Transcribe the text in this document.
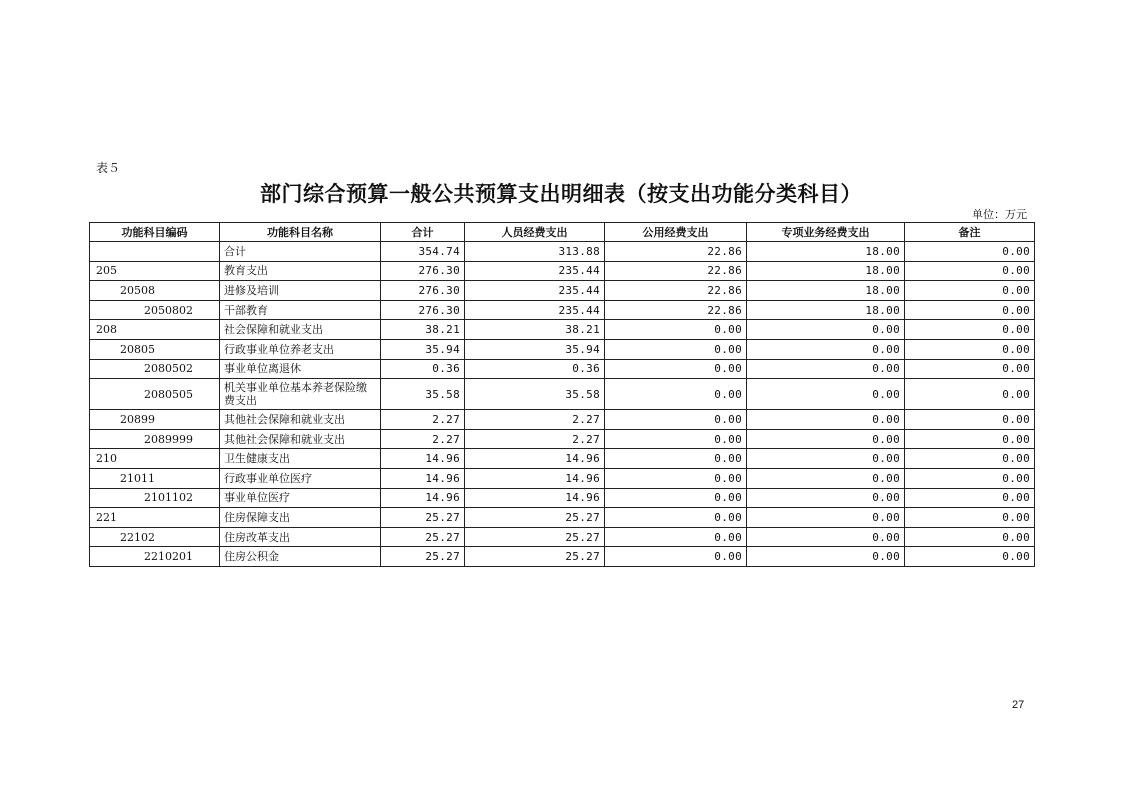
表５
部门综合预算一般公共预算支出明细表（按支出功能分类科目）
单位：万元
功能科目编码	功能科目名称	合计	人员经费支出	公用经费支出	专项业务经费支出	备注
	合计	354.74	313.88	22.86	18.00	0.00
205	教育支出	276.30	235.44	22.86	18.00	0.00
20508	进修及培训	276.30	235.44	22.86	18.00	0.00
2050802	干部教育	276.30	235.44	22.86	18.00	0.00
208	社会保障和就业支出	38.21	38.21	0.00	0.00	0.00
20805	行政事业单位养老支出	35.94	35.94	0.00	0.00	0.00
2080502	事业单位离退休	0.36	0.36	0.00	0.00	0.00
2080505	机关事业单位基本养老保险缴费支出	35.58	35.58	0.00	0.00	0.00
20899	其他社会保障和就业支出	2.27	2.27	0.00	0.00	0.00
2089999	其他社会保障和就业支出	2.27	2.27	0.00	0.00	0.00
210	卫生健康支出	14.96	14.96	0.00	0.00	0.00
21011	行政事业单位医疗	14.96	14.96	0.00	0.00	0.00
2101102	事业单位医疗	14.96	14.96	0.00	0.00	0.00
221	住房保障支出	25.27	25.27	0.00	0.00	0.00
22102	住房改革支出	25.27	25.27	0.00	0.00	0.00
2210201	住房公积金	25.27	25.27	0.00	0.00	0.00
27
